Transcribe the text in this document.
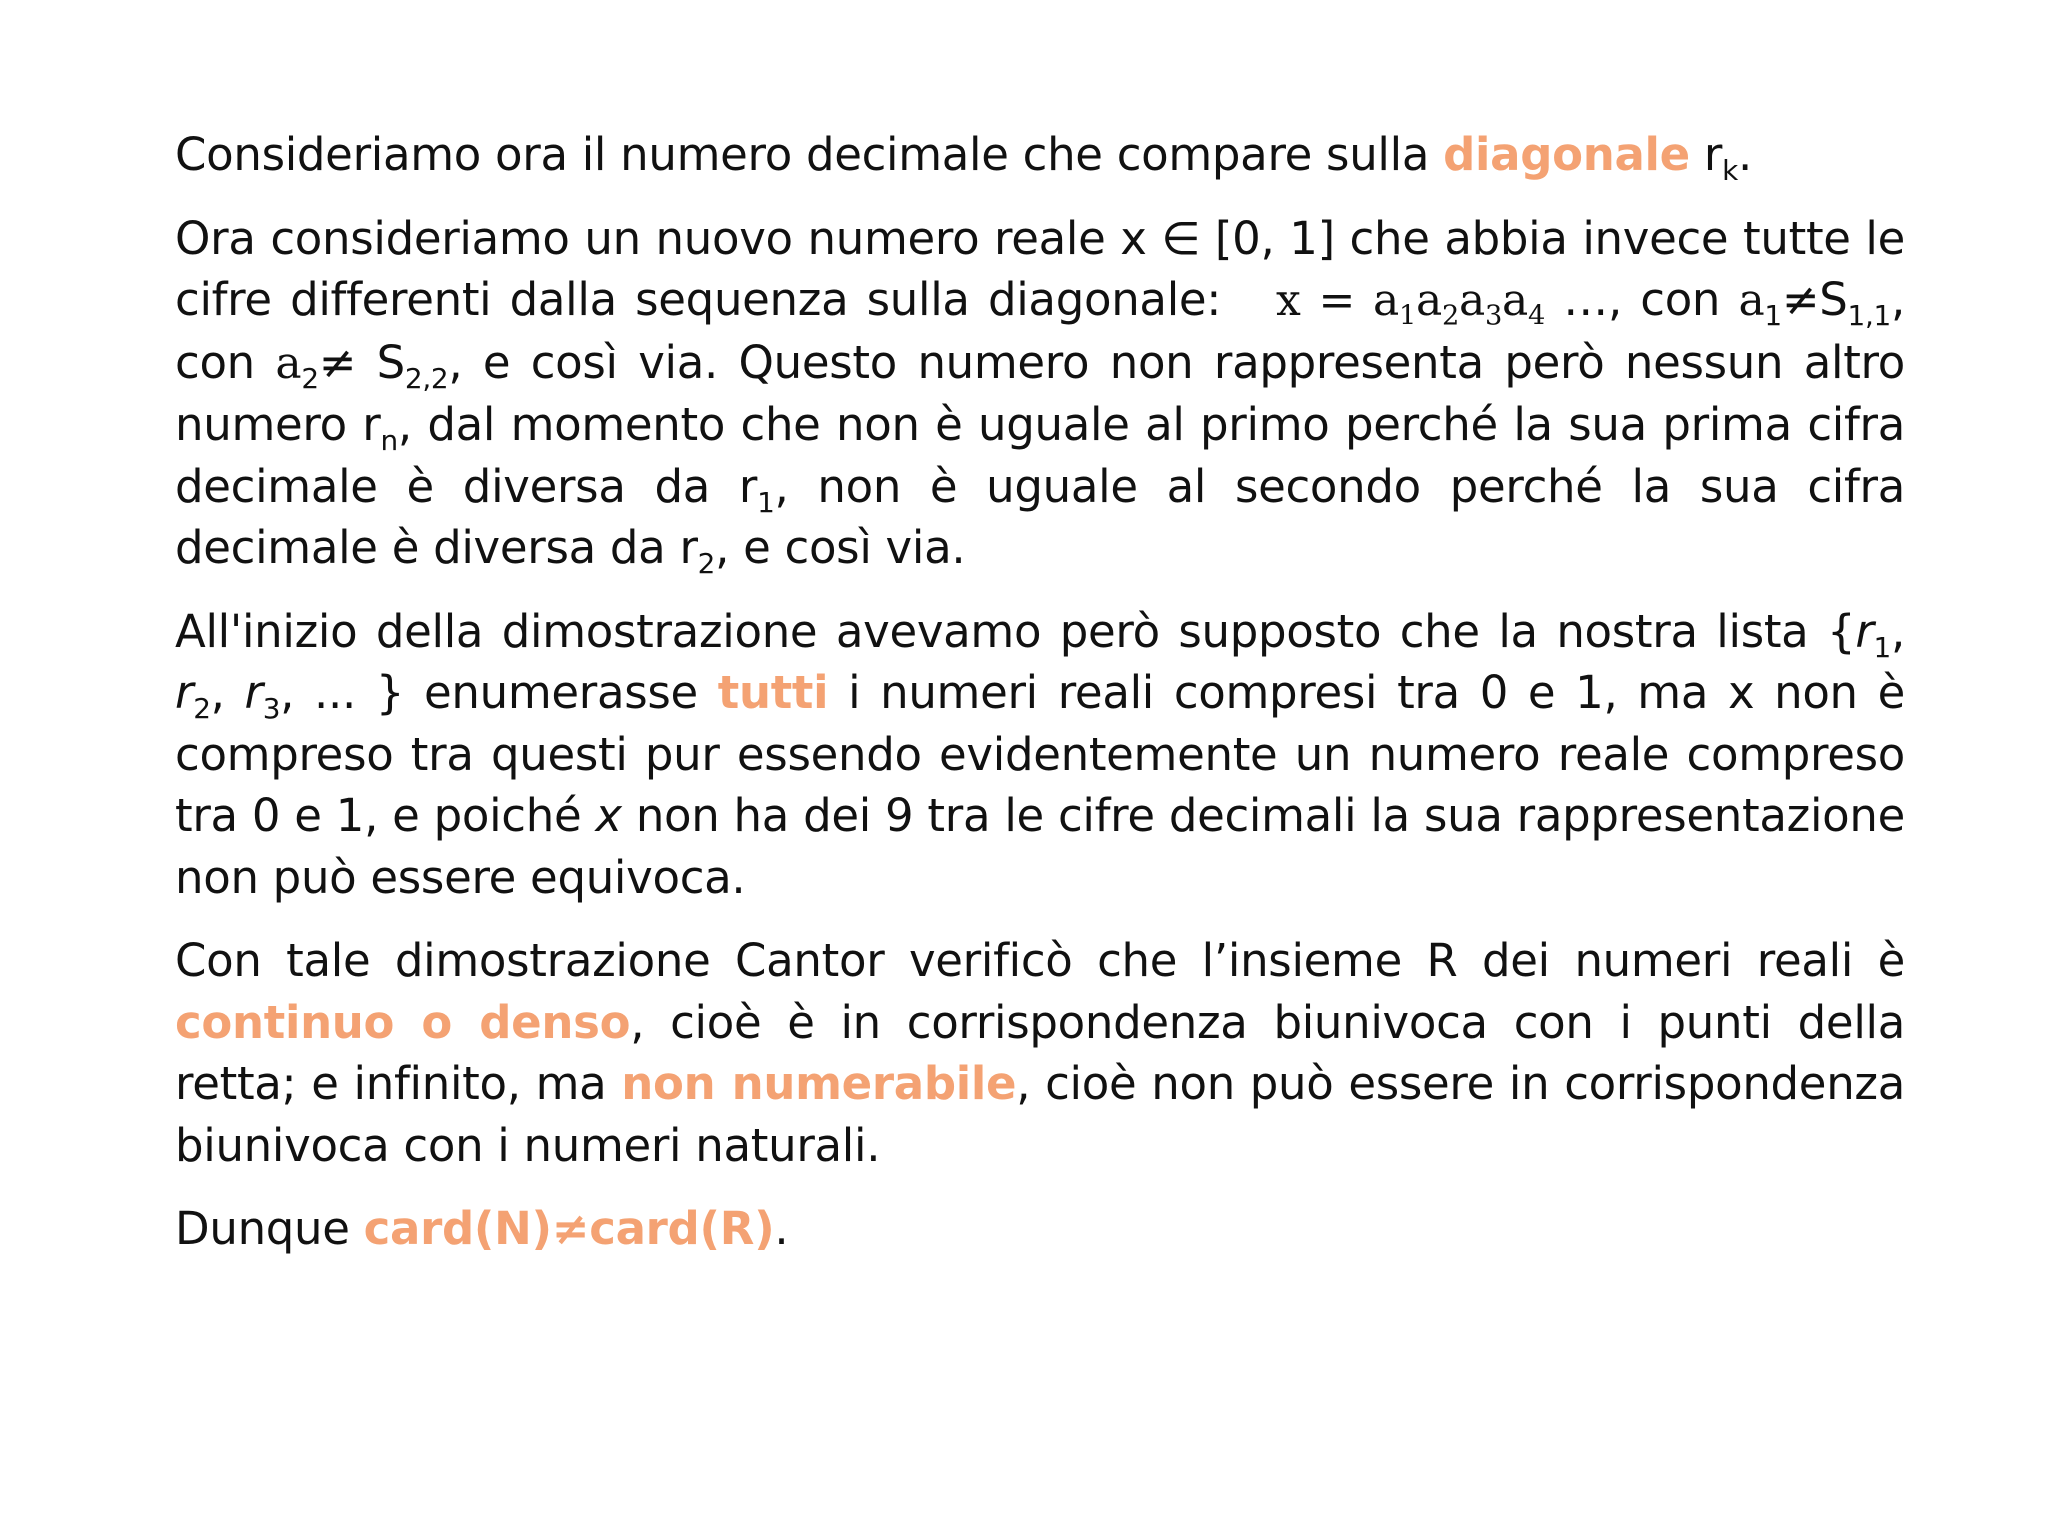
Consideriamo ora il numero decimale che compare sulla diagonale $r_k$.

Ora consideriamo un nuovo numero reale x ∈ [0, 1] che abbia invece tutte le cifre differenti dalla sequenza sulla diagonale: $x = a_1a_2a_3a_4$ …, con $a_1\ne S_{1,1}$, con $a_2\ne S_{2,2}$, e così via. Questo numero non rappresenta però nessun altro numero $r_n$, dal momento che non è uguale al primo perché la sua prima cifra decimale è diversa da $r_1$, non è uguale al secondo perché la sua cifra decimale è diversa da $r_2$, e così via.

All'inizio della dimostrazione avevamo però supposto che la nostra lista {$r_1$, $r_2$, $r_3$, ... } enumerasse tutti i numeri reali compresi tra 0 e 1, ma x non è compreso tra questi pur essendo evidentemente un numero reale compreso tra 0 e 1, e poiché x non ha dei 9 tra le cifre decimali la sua rappresentazione non può essere equivoca.

Con tale dimostrazione Cantor verificò che l’insieme R dei numeri reali è continuo o denso, cioè è in corrispondenza biunivoca con i punti della retta; e infinito, ma non numerabile, cioè non può essere in corrispondenza biunivoca con i numeri naturali.

Dunque card(N)≠card(R).
